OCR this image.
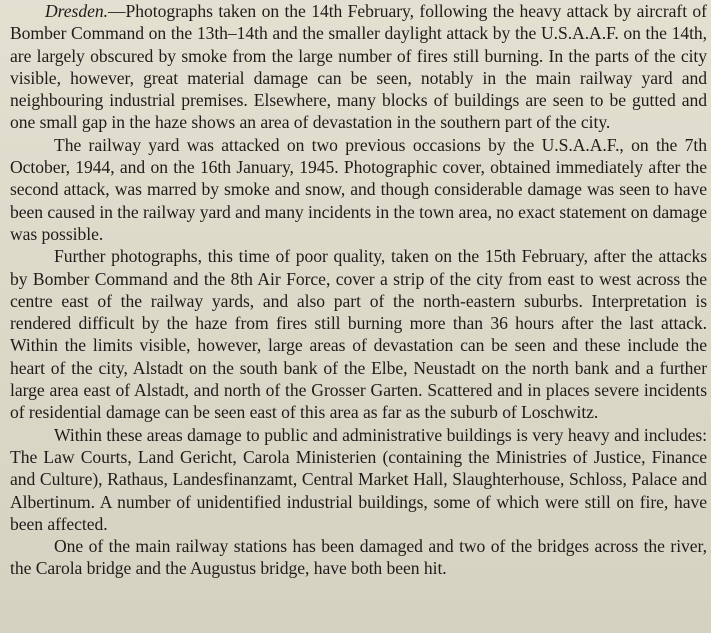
Dresden.—Photographs taken on the 14th February, following the heavy attack by aircraft of Bomber Command on the 13th–14th and the smaller daylight attack by the U.S.A.A.F. on the 14th, are largely obscured by smoke from the large number of fires still burning. In the parts of the city visible, however, great material damage can be seen, notably in the main railway yard and neighbouring industrial premises. Elsewhere, many blocks of buildings are seen to be gutted and one small gap in the haze shows an area of devastation in the southern part of the city.

The railway yard was attacked on two previous occasions by the U.S.A.A.F., on the 7th October, 1944, and on the 16th January, 1945. Photographic cover, obtained immediately after the second attack, was marred by smoke and snow, and though considerable damage was seen to have been caused in the railway yard and many incidents in the town area, no exact statement on damage was possible.

Further photographs, this time of poor quality, taken on the 15th February, after the attacks by Bomber Command and the 8th Air Force, cover a strip of the city from east to west across the centre east of the railway yards, and also part of the north-eastern suburbs. Interpretation is rendered difficult by the haze from fires still burning more than 36 hours after the last attack. Within the limits visible, however, large areas of devastation can be seen and these include the heart of the city, Alstadt on the south bank of the Elbe, Neustadt on the north bank and a further large area east of Alstadt, and north of the Grosser Garten. Scattered and in places severe incidents of residential damage can be seen east of this area as far as the suburb of Loschwitz.

Within these areas damage to public and administrative buildings is very heavy and includes: The Law Courts, Land Gericht, Carola Ministerien (containing the Ministries of Justice, Finance and Culture), Rathaus, Landesfinanzamt, Central Market Hall, Slaughterhouse, Schloss, Palace and Albertinum. A number of unidentified industrial buildings, some of which were still on fire, have been affected.

One of the main railway stations has been damaged and two of the bridges across the river, the Carola bridge and the Augustus bridge, have both been hit.
